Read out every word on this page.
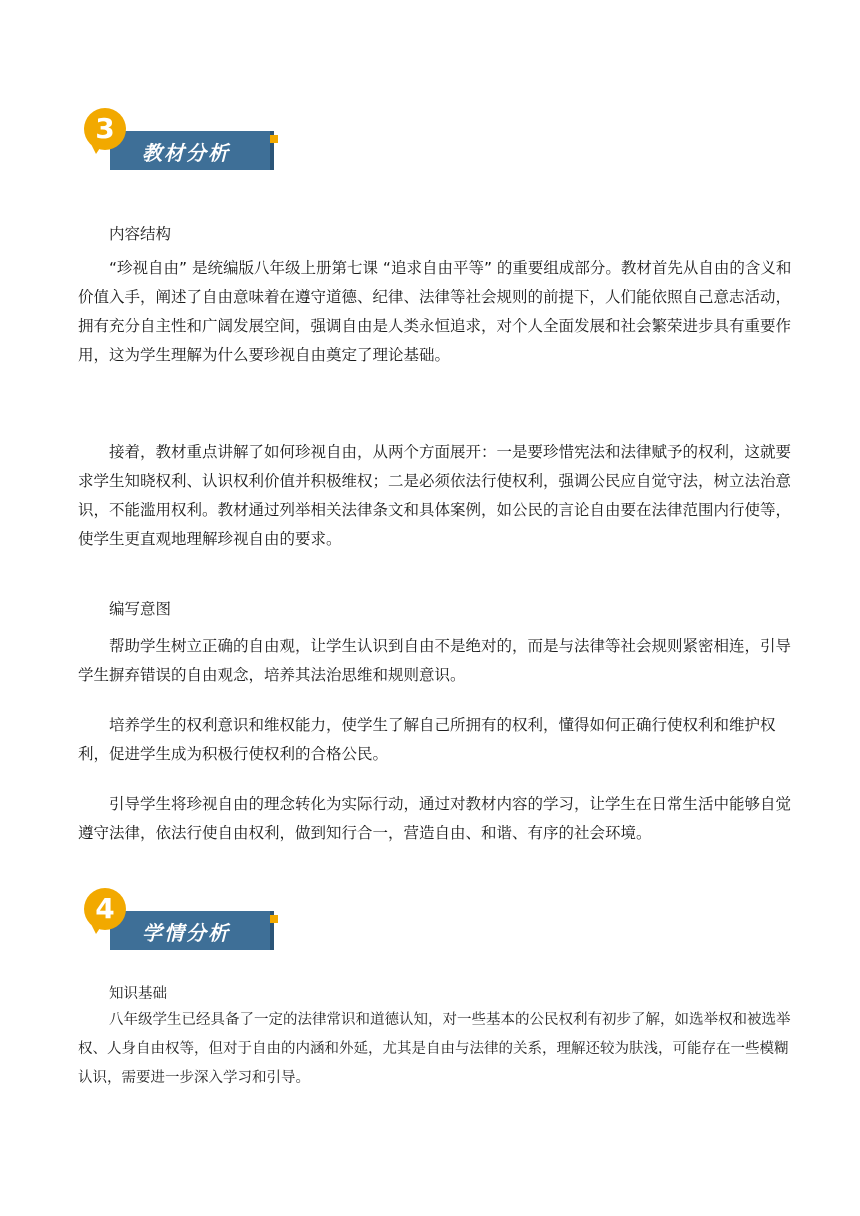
3
教材分析

内容结构

“珍视自由” 是统编版八年级上册第七课 “追求自由平等” 的重要组成部分。教材首先从自由的含义和价值入手，阐述了自由意味着在遵守道德、纪律、法律等社会规则的前提下，人们能依照自己意志活动，拥有充分自主性和广阔发展空间，强调自由是人类永恒追求，对个人全面发展和社会繁荣进步具有重要作用，这为学生理解为什么要珍视自由奠定了理论基础。

接着，教材重点讲解了如何珍视自由，从两个方面展开：一是要珍惜宪法和法律赋予的权利，这就要求学生知晓权利、认识权利价值并积极维权；二是必须依法行使权利，强调公民应自觉守法，树立法治意识，不能滥用权利。教材通过列举相关法律条文和具体案例，如公民的言论自由要在法律范围内行使等，使学生更直观地理解珍视自由的要求。

编写意图

帮助学生树立正确的自由观，让学生认识到自由不是绝对的，而是与法律等社会规则紧密相连，引导学生摒弃错误的自由观念，培养其法治思维和规则意识。

培养学生的权利意识和维权能力，使学生了解自己所拥有的权利，懂得如何正确行使权利和维护权利，促进学生成为积极行使权利的合格公民。

引导学生将珍视自由的理念转化为实际行动，通过对教材内容的学习，让学生在日常生活中能够自觉遵守法律，依法行使自由权利，做到知行合一，营造自由、和谐、有序的社会环境。

4
学情分析

知识基础

八年级学生已经具备了一定的法律常识和道德认知，对一些基本的公民权利有初步了解，如选举权和被选举权、人身自由权等，但对于自由的内涵和外延，尤其是自由与法律的关系，理解还较为肤浅，可能存在一些模糊认识，需要进一步深入学习和引导。
